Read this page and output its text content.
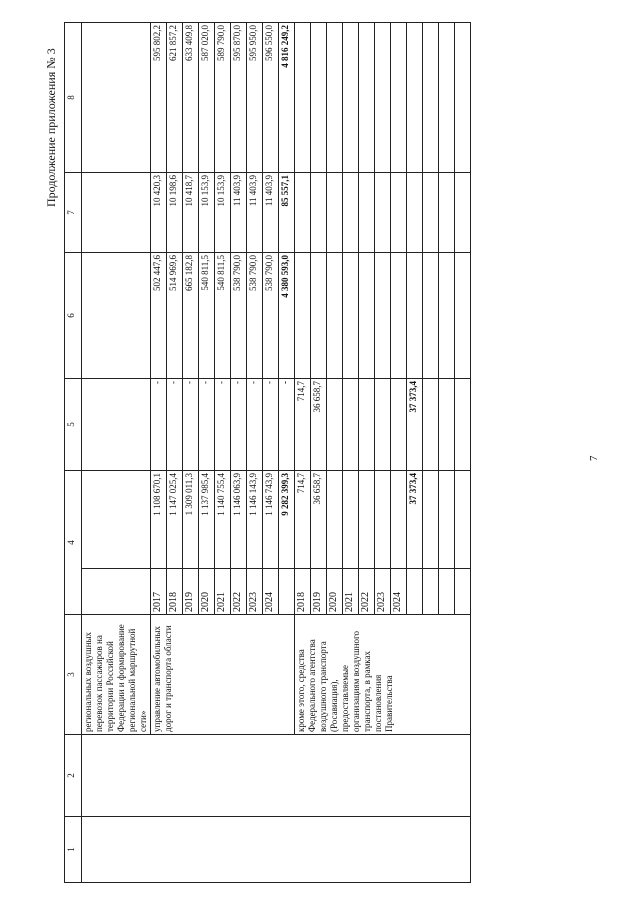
7
Продолжение приложения № 3
1	2	3	4		5	6	7	8
		региональных воздушных перевозок пассажиров на территории Российской Федерации и формирование региональной маршрутной сети»						
		управление автомобильных дорог и транспорта области	2017	1 108 670,1	-	502 447,6	10 420,3	595 802,2
			2018	1 147 025,4	-	514 969,6	10 198,6	621 857,2
			2019	1 309 011,3	-	665 182,8	10 418,7	633 409,8
			2020	1 137 985,4	-	540 811,5	10 153,9	587 020,0
			2021	1 140 755,4	-	540 811,5	10 153,9	589 790,0
			2022	1 146 063,9	-	538 790,0	11 403,9	595 870,0
			2023	1 146 143,9	-	538 790,0	11 403,9	595 950,0
			2024	1 146 743,9	-	538 790,0	11 403,9	596 550,0
				9 282 399,3	-	4 380 593,0	85 557,1	4 816 249,2
		кроме этого, средства Федерального агентства воздушного транспорта (Росавиация), предоставляемые организациям воздушного транспорта, в рамках постановления Правительства	2018	714,7	714,7			
			2019	36 658,7	36 658,7			
			2020					
			2021					
			2022					
			2023					
			2024					
				37 373,4	37 373,4			
